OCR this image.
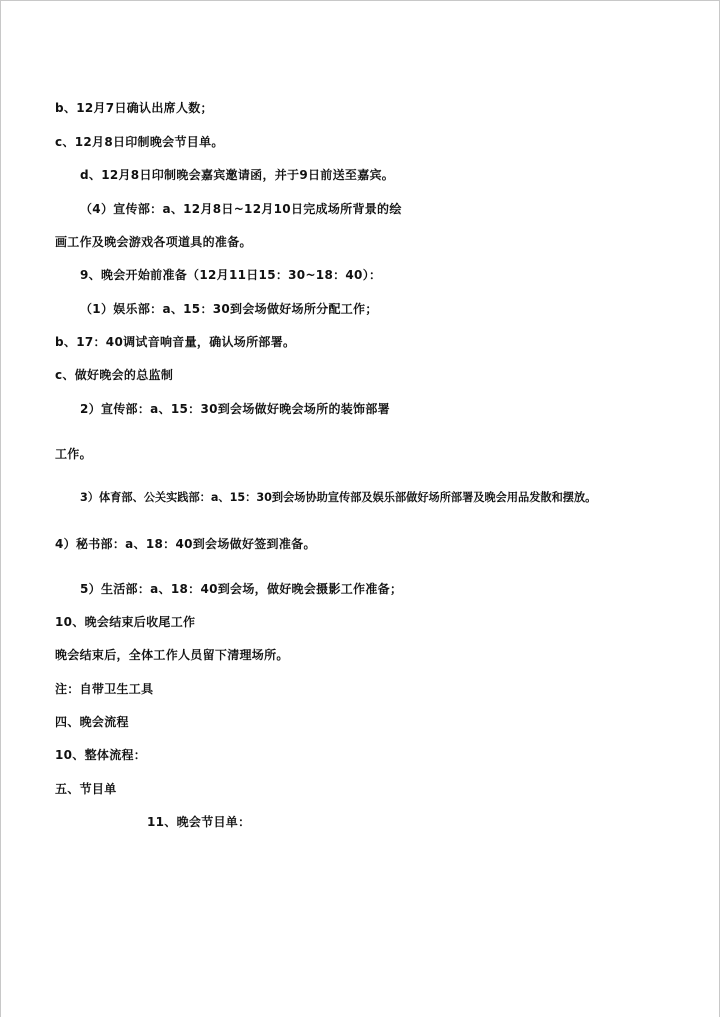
b、12月7日确认出席人数；
c、12月8日印制晚会节目单。
d、12月8日印制晚会嘉宾邀请函，并于9日前送至嘉宾。
（4）宣传部：a、12月8日~12月10日完成场所背景的绘
画工作及晚会游戏各项道具的准备。
9、晚会开始前准备（12月11日15：30~18：40）：
（1）娱乐部：a、15：30到会场做好场所分配工作；
b、17：40调试音响音量，确认场所部署。
c、做好晚会的总监制
2）宣传部：a、15：30到会场做好晚会场所的装饰部署
工作。
3）体育部、公关实践部：a、15：30到会场协助宣传部及娱乐部做好场所部署及晚会用品发散和摆放。
4）秘书部：a、18：40到会场做好签到准备。
5）生活部：a、18：40到会场，做好晚会摄影工作准备；
10、晚会结束后收尾工作
晚会结束后，全体工作人员留下清理场所。
注：自带卫生工具
四、晚会流程
10、整体流程：
五、节目单
11、晚会节目单：
